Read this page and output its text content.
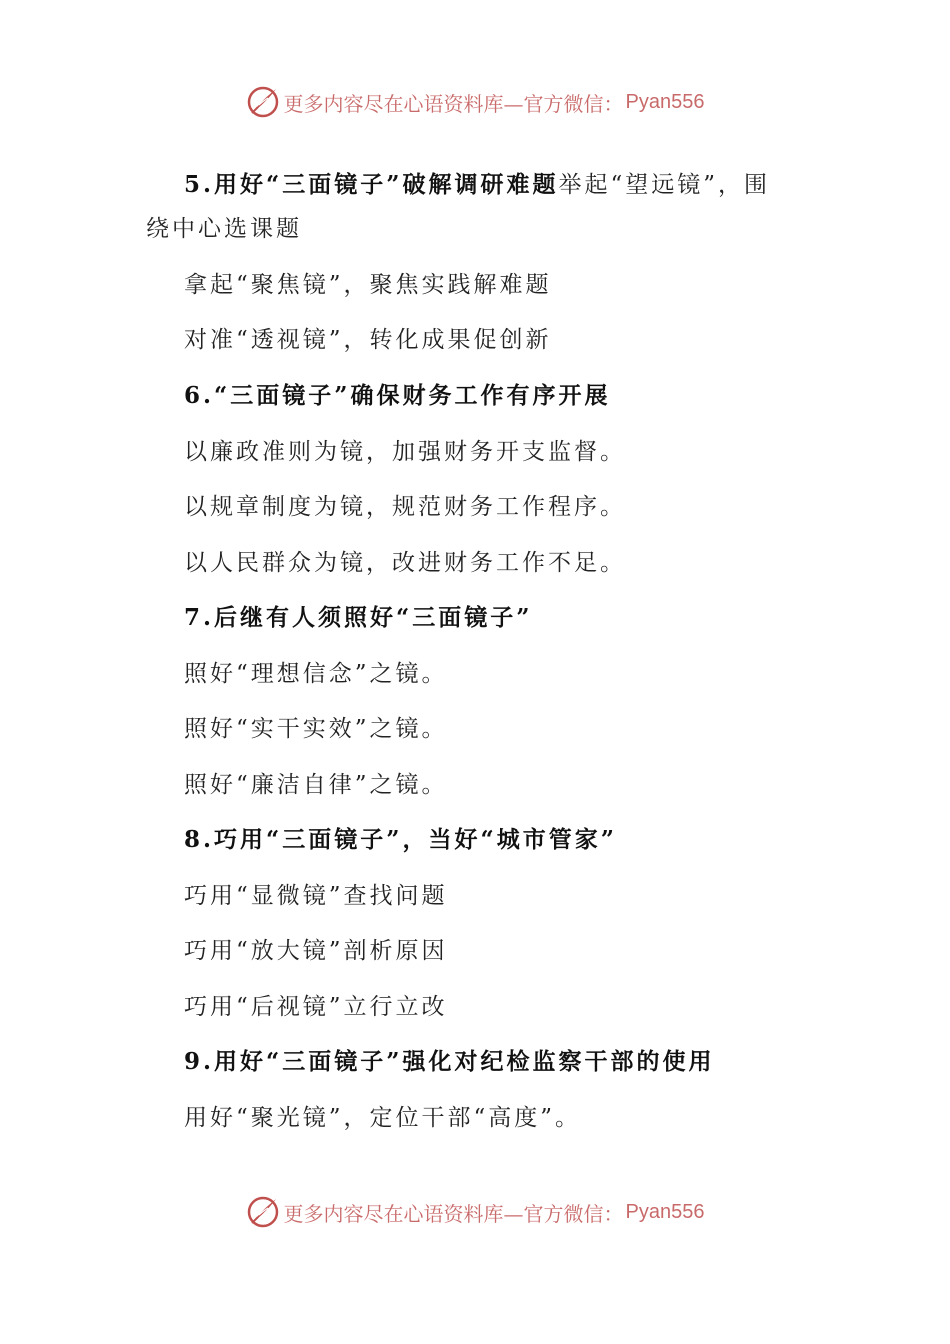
更多内容尽在心语资料库—官方微信： Pyan556
5.用好“三面镜子”破解调研难题举起“望远镜”，围
绕中心选课题
拿起“聚焦镜”，聚焦实践解难题
对准“透视镜”，转化成果促创新
6.“三面镜子”确保财务工作有序开展
以廉政准则为镜，加强财务开支监督。
以规章制度为镜，规范财务工作程序。
以人民群众为镜，改进财务工作不足。
7.后继有人须照好“三面镜子”
照好“理想信念”之镜。
照好“实干实效”之镜。
照好“廉洁自律”之镜。
8.巧用“三面镜子”，当好“城市管家”
巧用“显微镜”查找问题
巧用“放大镜”剖析原因
巧用“后视镜”立行立改
9.用好“三面镜子”强化对纪检监察干部的使用
用好“聚光镜”，定位干部“高度”。
更多内容尽在心语资料库—官方微信： Pyan556
